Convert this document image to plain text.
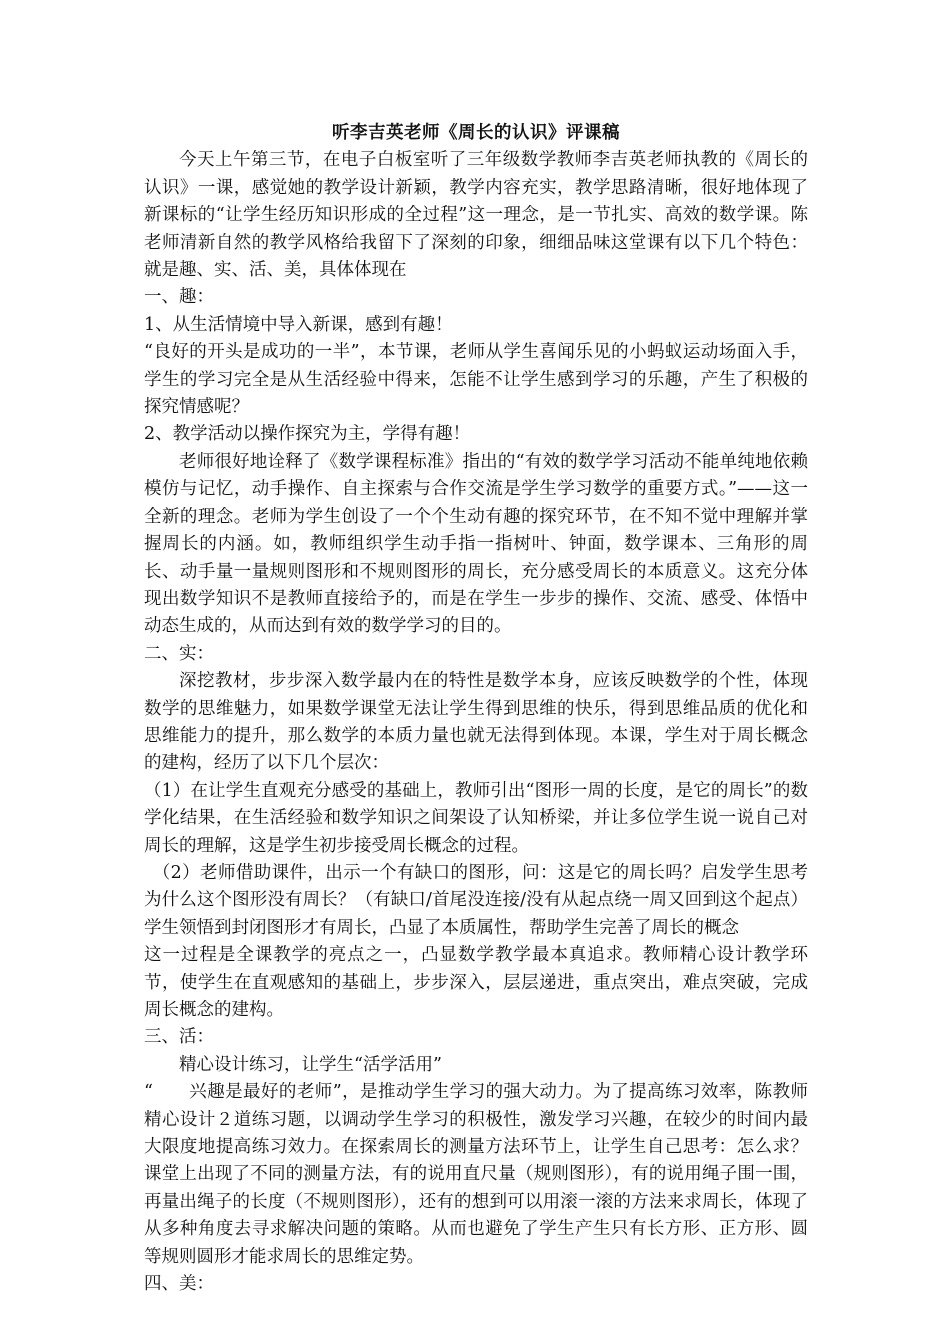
听李吉英老师《周长的认识》评课稿

今天上午第三节，在电子白板室听了三年级数学教师李吉英老师执教的《周长的认识》一课，感觉她的教学设计新颖，教学内容充实，教学思路清晰，很好地体现了新课标的“让学生经历知识形成的全过程”这一理念，是一节扎实、高效的数学课。陈老师清新自然的教学风格给我留下了深刻的印象，细细品味这堂课有以下几个特色：就是趣、实、活、美，具体体现在

一、趣：

1、从生活情境中导入新课，感到有趣！

“良好的开头是成功的一半”，本节课，老师从学生喜闻乐见的小蚂蚁运动场面入手， 学生的学习完全是从生活经验中得来，怎能不让学生感到学习的乐趣，产生了积极的探究情感呢？

2、教学活动以操作探究为主，学得有趣！

老师很好地诠释了《数学课程标准》指出的“有效的数学学习活动不能单纯地依赖模仿与记忆，动手操作、自主探索与合作交流是学生学习数学的重要方式。”——这一全新的理念。老师为学生创设了一个个生动有趣的探究环节，在不知不觉中理解并掌握周长的内涵。如，教师组织学生动手指一指树叶、钟面，数学课本、三角形的周长、动手量一量规则图形和不规则图形的周长，充分感受周长的本质意义。这充分体现出数学知识不是教师直接给予的，而是在学生一步步的操作、交流、感受、体悟中动态生成的，从而达到有效的数学学习的目的。

二、实：

深挖教材，步步深入数学最内在的特性是数学本身，应该反映数学的个性，体现数学的思维魅力，如果数学课堂无法让学生得到思维的快乐，得到思维品质的优化和思维能力的提升，那么数学的本质力量也就无法得到体现。本课，学生对于周长概念的建构，经历了以下几个层次：

（1）在让学生直观充分感受的基础上，教师引出“图形一周的长度，是它的周长”的数学化结果，在生活经验和数学知识之间架设了认知桥梁，并让多位学生说一说自己对周长的理解，这是学生初步接受周长概念的过程。

（2）老师借助课件，出示一个有缺口的图形，问：这是它的周长吗？启发学生思考为什么这个图形没有周长？（有缺口/首尾没连接/没有从起点绕一周又回到这个起点）学生领悟到封闭图形才有周长，凸显了本质属性，帮助学生完善了周长的概念

这一过程是全课教学的亮点之一，凸显数学教学最本真追求。教师精心设计教学环节，使学生在直观感知的基础上，步步深入，层层递进，重点突出，难点突破，完成周长概念的建构。

三、活：

精心设计练习，让学生“活学活用”

“　　兴趣是最好的老师”，是推动学生学习的强大动力。为了提高练习效率，陈教师精心设计２道练习题，以调动学生学习的积极性，激发学习兴趣，在较少的时间内最大限度地提高练习效力。在探索周长的测量方法环节上，让学生自己思考：怎么求？课堂上出现了不同的测量方法，有的说用直尺量（规则图形），有的说用绳子围一围，再量出绳子的长度（不规则图形），还有的想到可以用滚一滚的方法来求周长，体现了从多种角度去寻求解决问题的策略。从而也避免了学生产生只有长方形、正方形、圆等规则圆形才能求周长的思维定势。

四、美：
